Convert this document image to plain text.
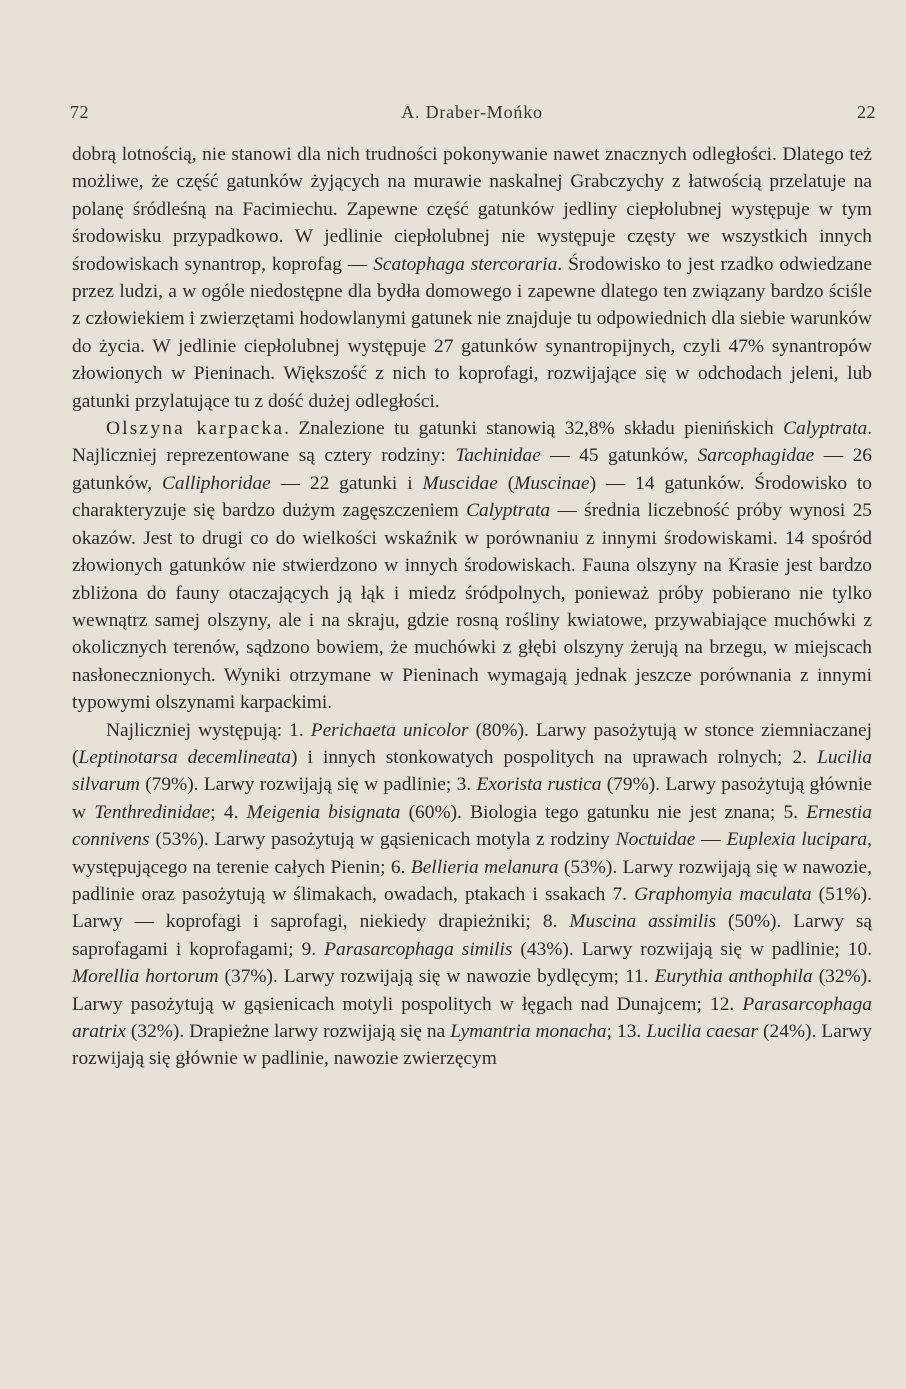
72	A. Draber-Mońko	22

dobrą lotnością, nie stanowi dla nich trudności pokonywanie nawet znacznych odległości. Dlatego też możliwe, że część gatunków żyjących na murawie naskalnej Grabczychy z łatwością przelatuje na polanę śródleśną na Facimiechu. Zapewne część gatunków jedliny ciepłolubnej występuje w tym środowisku przypadkowo. W jedlinie ciepłolubnej nie występuje częsty we wszystkich innych środowiskach synantrop, koprofag — Scatophaga stercoraria. Środowisko to jest rzadko odwiedzane przez ludzi, a w ogóle niedostępne dla bydła domowego i zapewne dlatego ten związany bardzo ściśle z człowiekiem i zwierzętami hodowlanymi gatunek nie znajduje tu odpowiednich dla siebie warunków do życia. W jedlinie ciepłolubnej występuje 27 gatunków synantropijnych, czyli 47% synantropów złowionych w Pieninach. Większość z nich to koprofagi, rozwijające się w odchodach jeleni, lub gatunki przylatujące tu z dość dużej odległości.

Olszyna karpacka. Znalezione tu gatunki stanowią 32,8% składu pienińskich Calyptrata. Najliczniej reprezentowane są cztery rodziny: Tachinidae — 45 gatunków, Sarcophagidae — 26 gatunków, Calliphoridae — 22 gatunki i Muscidae (Muscinae) — 14 gatunków. Środowisko to charakteryzuje się bardzo dużym zagęszczeniem Calyptrata — średnia liczebność próby wynosi 25 okazów. Jest to drugi co do wielkości wskaźnik w porównaniu z innymi środowiskami. 14 spośród złowionych gatunków nie stwierdzono w innych środowiskach. Fauna olszyny na Krasie jest bardzo zbliżona do fauny otaczających ją łąk i miedz śródpolnych, ponieważ próby pobierano nie tylko wewnątrz samej olszyny, ale i na skraju, gdzie rosną rośliny kwiatowe, przywabiające muchówki z okolicznych terenów, sądzono bowiem, że muchówki z głębi olszyny żerują na brzegu, w miejscach nasłonecznionych. Wyniki otrzymane w Pieninach wymagają jednak jeszcze porównania z innymi typowymi olszynami karpackimi.

Najliczniej występują: 1. Perichaeta unicolor (80%). Larwy pasożytują w stonce ziemniaczanej (Leptinotarsa decemlineata) i innych stonkowatych pospolitych na uprawach rolnych; 2. Lucilia silvarum (79%). Larwy rozwijają się w padlinie; 3. Exorista rustica (79%). Larwy pasożytują głównie w Tenthredinidae; 4. Meigenia bisignata (60%). Biologia tego gatunku nie jest znana; 5. Ernestia connivens (53%). Larwy pasożytują w gąsienicach motyla z rodziny Noctuidae — Euplexia lucipara, występującego na terenie całych Pienin; 6. Bellieria melanura (53%). Larwy rozwijają się w nawozie, padlinie oraz pasożytują w ślimakach, owadach, ptakach i ssakach 7. Graphomyia maculata (51%). Larwy — koprofagi i saprofagi, niekiedy drapieżniki; 8. Muscina assimilis (50%). Larwy są saprofagami i koprofagami; 9. Parasarcophaga similis (43%). Larwy rozwijają się w padlinie; 10. Morellia hortorum (37%). Larwy rozwijają się w nawozie bydlęcym; 11. Eurythia anthophila (32%). Larwy pasożytują w gąsienicach motyli pospolitych w łęgach nad Dunajcem; 12. Parasarcophaga aratrix (32%). Drapieżne larwy rozwijają się na Lymantria monacha; 13. Lucilia caesar (24%). Larwy rozwijają się głównie w padlinie, nawozie zwierzęcym
